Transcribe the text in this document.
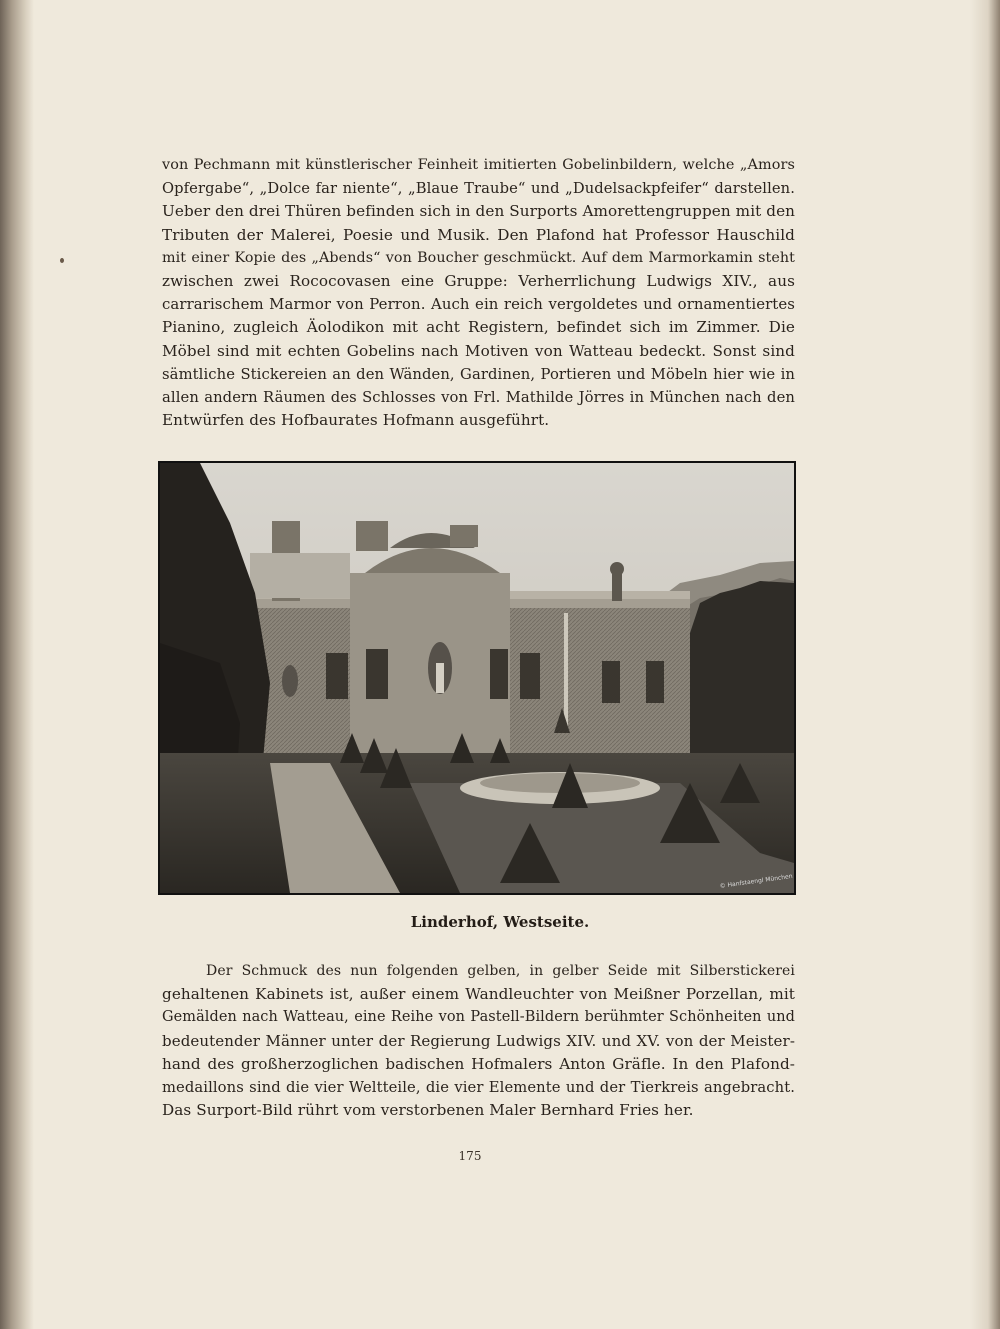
von Pechmann mit künstlerischer Feinheit imitierten Gobelinbildern, welche „Amors
Opfergabe“, „Dolce far niente“, „Blaue Traube“ und „Dudelsackpfeifer“ darstellen.
Ueber den drei Thüren befinden sich in den Surports Amorettengruppen mit den
Tributen der Malerei, Poesie und Musik. Den Plafond hat Professor Hauschild
mit einer Kopie des „Abends“ von Boucher geschmückt. Auf dem Marmorkamin steht
zwischen zwei Rococovasen eine Gruppe: Verherrlichung Ludwigs XIV., aus
carrarischem Marmor von Perron. Auch ein reich vergoldetes und ornamentiertes
Pianino, zugleich Äolodikon mit acht Registern, befindet sich im Zimmer. Die
Möbel sind mit echten Gobelins nach Motiven von Watteau bedeckt. Sonst sind
sämtliche Stickereien an den Wänden, Gardinen, Portieren und Möbeln hier wie in
allen andern Räumen des Schlosses von Frl. Mathilde Jörres in München nach den
Entwürfen des Hofbaurates Hofmann ausgeführt.
© Hanfstaengl München
Linderhof, Westseite.
Der Schmuck des nun folgenden gelben, in gelber Seide mit Silberstickerei
gehaltenen Kabinets ist, außer einem Wandleuchter von Meißner Porzellan, mit
Gemälden nach Watteau, eine Reihe von Pastell-Bildern berühmter Schönheiten und
bedeutender Männer unter der Regierung Ludwigs XIV. und XV. von der Meister-
hand des großherzoglichen badischen Hofmalers Anton Gräfle. In den Plafond-
medaillons sind die vier Weltteile, die vier Elemente und der Tierkreis angebracht.
Das Surport-Bild rührt vom verstorbenen Maler Bernhard Fries her.
175
